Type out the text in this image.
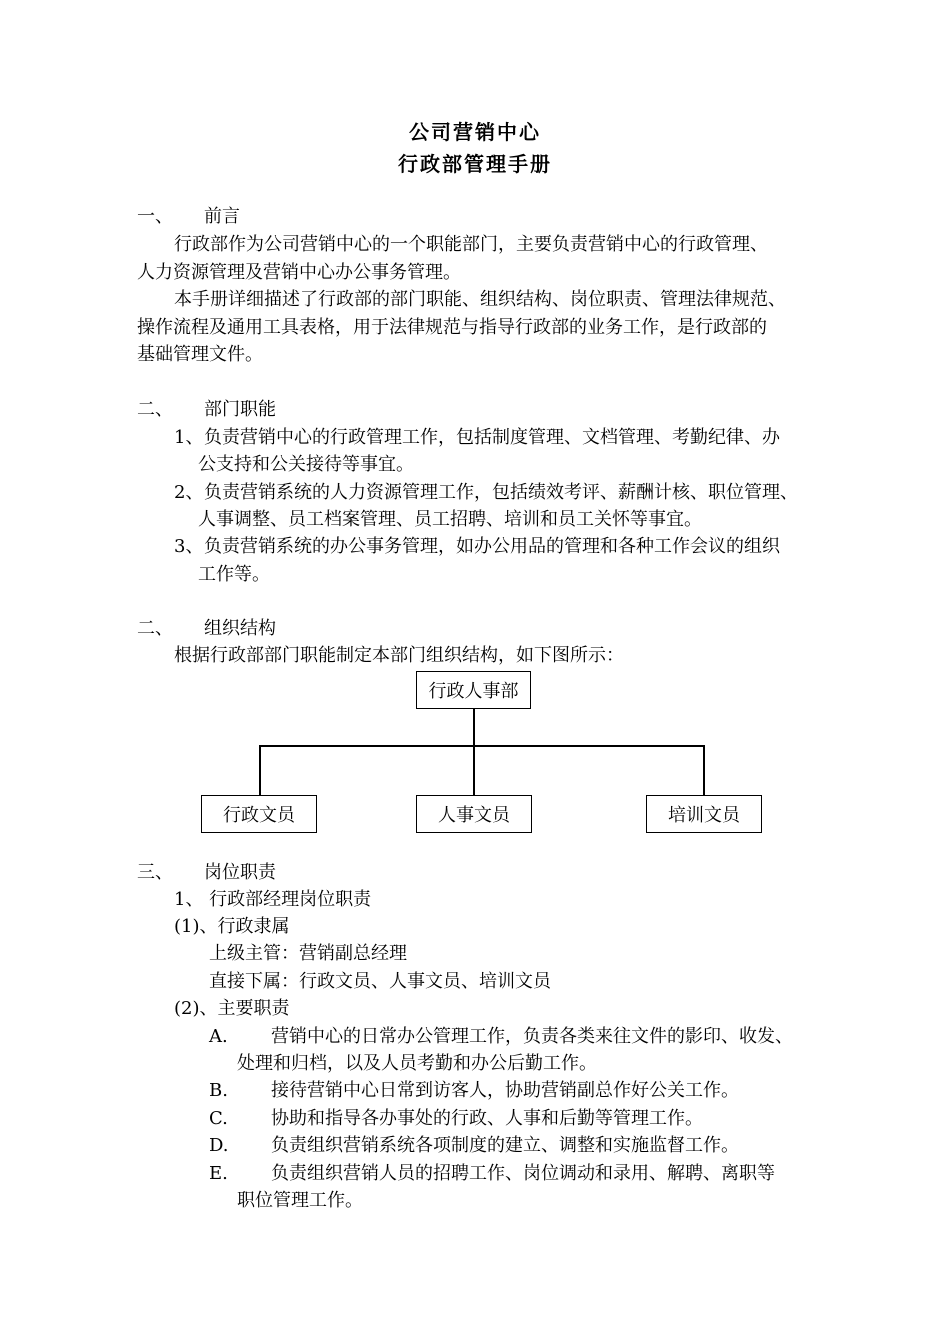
公司营销中心
行政部管理手册
一、 前言
行政部作为公司营销中心的一个职能部门，主要负责营销中心的行政管理、
人力资源管理及营销中心办公事务管理。
本手册详细描述了行政部的部门职能、组织结构、岗位职责、管理法律规范、
操作流程及通用工具表格，用于法律规范与指导行政部的业务工作，是行政部的
基础管理文件。
二、 部门职能
1、 负责营销中心的行政管理工作，包括制度管理、文档管理、考勤纪律、办
公支持和公关接待等事宜。
2、 负责营销系统的人力资源管理工作，包括绩效考评、薪酬计核、职位管理、
人事调整、员工档案管理、员工招聘、培训和员工关怀等事宜。
3、 负责营销系统的办公事务管理，如办公用品的管理和各种工作会议的组织
工作等。
二、 组织结构
根据行政部部门职能制定本部门组织结构，如下图所示：
行政人事部
行政文员	人事文员	培训文员
三、 岗位职责
1、 行政部经理岗位职责
(1)、行政隶属
上级主管：营销副总经理
直接下属：行政文员、人事文员、培训文员
(2)、主要职责
A. 营销中心的日常办公管理工作，负责各类来往文件的影印、收发、
处理和归档，以及人员考勤和办公后勤工作。
B. 接待营销中心日常到访客人，协助营销副总作好公关工作。
C. 协助和指导各办事处的行政、人事和后勤等管理工作。
D. 负责组织营销系统各项制度的建立、调整和实施监督工作。
E. 负责组织营销人员的招聘工作、岗位调动和录用、解聘、离职等
职位管理工作。
